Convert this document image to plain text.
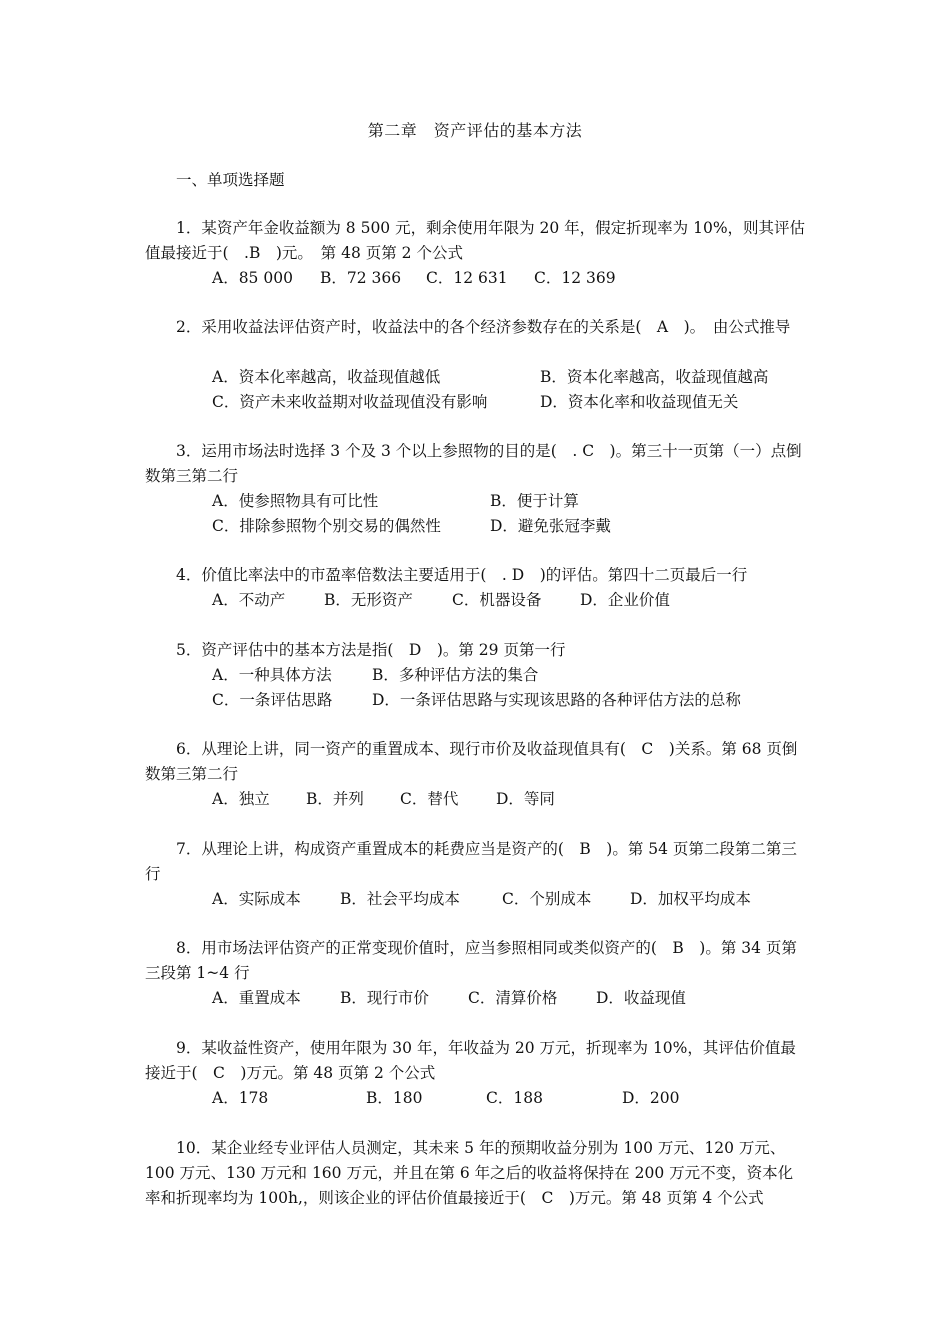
第二章　资产评估的基本方法
一、单项选择题
1．某资产年金收益额为 8 500 元，剩余使用年限为 20 年，假定折现率为 10%，则其评估值最接近于(　.B　)元。　第 48 页第 2 个公式
A．85 000	B．72 366	C．12 631	C．12 369
2．采用收益法评估资产时，收益法中的各个经济参数存在的关系是(　A　)。　由公式推导
A．资本化率越高，收益现值越低	B．资本化率越高，收益现值越高
C．资产未来收益期对收益现值没有影响	D．资本化率和收益现值无关
3．运用市场法时选择 3 个及 3 个以上参照物的目的是(　. C　)。第三十一页第（一）点倒数第三第二行
A．使参照物具有可比性	B．便于计算
C．排除参照物个别交易的偶然性	D．避免张冠李戴
4．价值比率法中的市盈率倍数法主要适用于(　. D　)的评估。第四十二页最后一行
A．不动产	B．无形资产	C．机器设备	D．企业价值
5．资产评估中的基本方法是指(　D　)。第 29 页第一行
A．一种具体方法	B．多种评估方法的集合
C．一条评估思路	D．一条评估思路与实现该思路的各种评估方法的总称
6．从理论上讲，同一资产的重置成本、现行市价及收益现值具有(　C　)关系。第 68 页倒数第三第二行
A．独立	B．并列	C．替代	D．等同
7．从理论上讲，构成资产重置成本的耗费应当是资产的(　B　)。第 54 页第二段第二第三行
A．实际成本	B．社会平均成本	C．个别成本	D．加权平均成本
8．用市场法评估资产的正常变现价值时，应当参照相同或类似资产的(　B　)。第 34 页第三段第 1~4 行
A．重置成本	B．现行市价	C．清算价格	D．收益现值
9．某收益性资产，使用年限为 30 年，年收益为 20 万元，折现率为 10%，其评估价值最接近于(　C　)万元。第 48 页第 2 个公式
A．178	B．180	C．188	D．200
10．某企业经专业评估人员测定，其未来 5 年的预期收益分别为 100 万元、120 万元、100 万元、130 万元和 160 万元，并且在第 6 年之后的收益将保持在 200 万元不变，资本化率和折现率均为 100h,，则该企业的评估价值最接近于(　C　)万元。第 48 页第 4 个公式
